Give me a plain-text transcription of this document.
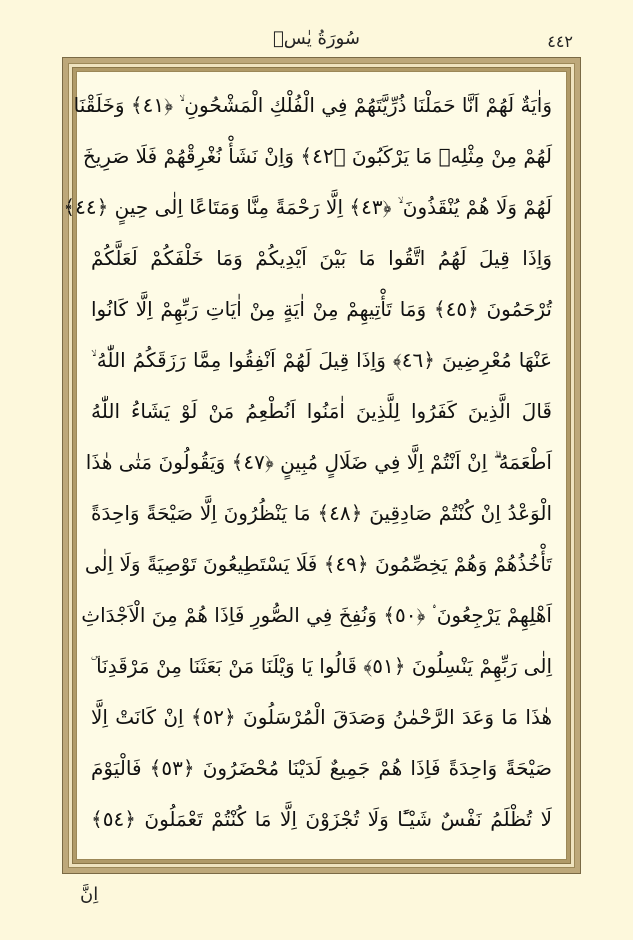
سُورَةُ يٰسۤ	٤٤٢
وَاٰيَةٌ لَهُمْ اَنَّا حَمَلْنَا ذُرِّيَّتَهُمْ فِي الْفُلْكِ الْمَشْحُونِ ۙ ﴿٤١﴾ وَخَلَقْنَا
لَهُمْ مِنْ مِثْلِهٖ مَا يَرْكَبُونَ ﴿٤٢﴾ وَاِنْ نَشَأْ نُغْرِقْهُمْ فَلَا صَرِيخَ
لَهُمْ وَلَا هُمْ يُنْقَذُونَ ۙ ﴿٤٣﴾ اِلَّا رَحْمَةً مِنَّا وَمَتَاعًا اِلٰى حِينٍ ﴿٤٤﴾
وَاِذَا قِيلَ لَهُمُ اتَّقُوا مَا بَيْنَ اَيْدِيكُمْ وَمَا خَلْفَكُمْ لَعَلَّكُمْ
تُرْحَمُونَ ﴿٤٥﴾ وَمَا تَأْتِيهِمْ مِنْ اٰيَةٍ مِنْ اٰيَاتِ رَبِّهِمْ اِلَّا كَانُوا
عَنْهَا مُعْرِضِينَ ﴿٤٦﴾ وَاِذَا قِيلَ لَهُمْ اَنْفِقُوا مِمَّا رَزَقَكُمُ اللّٰهُ ۙ
قَالَ الَّذِينَ كَفَرُوا لِلَّذِينَ اٰمَنُوا اَنُطْعِمُ مَنْ لَوْ يَشَاءُ اللّٰهُ
اَطْعَمَهُ ۗ اِنْ اَنْتُمْ اِلَّا فِي ضَلَالٍ مُبِينٍ ﴿٤٧﴾ وَيَقُولُونَ مَتٰى هٰذَا
الْوَعْدُ اِنْ كُنْتُمْ صَادِقِينَ ﴿٤٨﴾ مَا يَنْظُرُونَ اِلَّا صَيْحَةً وَاحِدَةً
تَأْخُذُهُمْ وَهُمْ يَخِصِّمُونَ ﴿٤٩﴾ فَلَا يَسْتَطِيعُونَ تَوْصِيَةً وَلَا اِلٰى
اَهْلِهِمْ يَرْجِعُونَ ۟ ﴿٥٠﴾ وَنُفِخَ فِي الصُّورِ فَاِذَا هُمْ مِنَ الْاَجْدَاثِ
اِلٰى رَبِّهِمْ يَنْسِلُونَ ﴿٥١﴾ قَالُوا يَا وَيْلَنَا مَنْ بَعَثَنَا مِنْ مَرْقَدِنَا ۜ
هٰذَا مَا وَعَدَ الرَّحْمٰنُ وَصَدَقَ الْمُرْسَلُونَ ﴿٥٢﴾ اِنْ كَانَتْ اِلَّا
صَيْحَةً وَاحِدَةً فَاِذَا هُمْ جَمِيعٌ لَدَيْنَا مُحْضَرُونَ ﴿٥٣﴾ فَالْيَوْمَ
لَا تُظْلَمُ نَفْسٌ شَيْـًٔا وَلَا تُجْزَوْنَ اِلَّا مَا كُنْتُمْ تَعْمَلُونَ ﴿٥٤﴾
اِنَّ
